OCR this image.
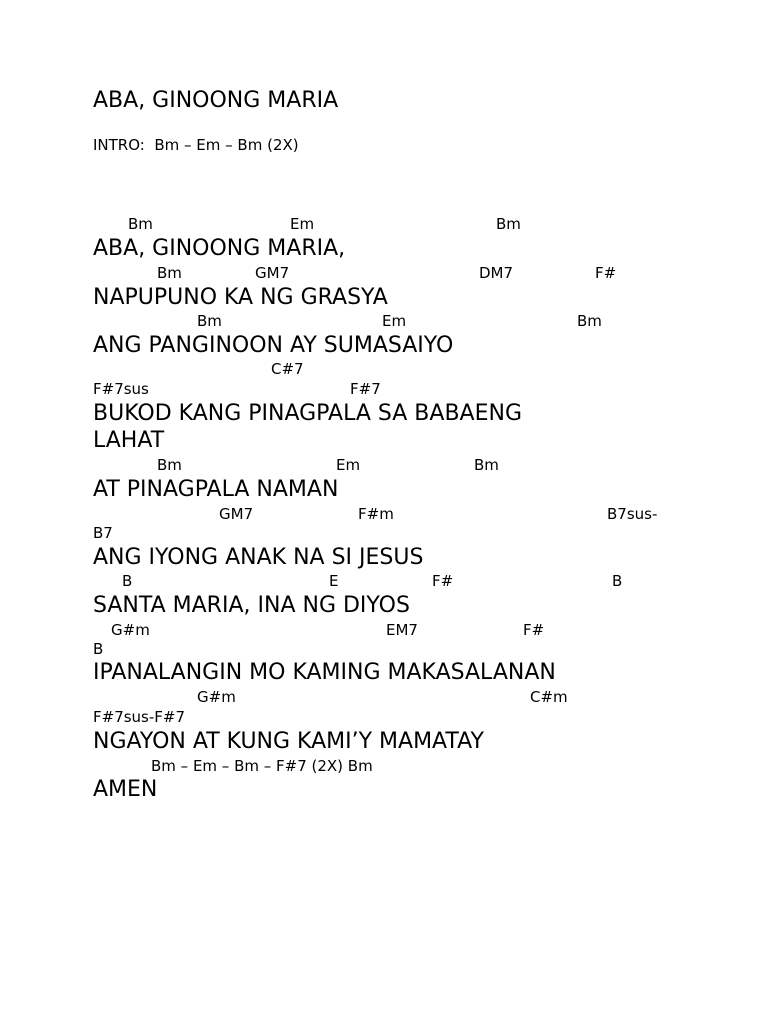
ABA, GINOONG MARIA
INTRO:  Bm – Em – Bm (2X)
Bm	Em	Bm
ABA, GINOONG MARIA,
Bm	GM7	DM7	F#
NAPUPUNO KA NG GRASYA
Bm	Em	Bm
ANG PANGINOON AY SUMASAIYO
C#7
F#7sus	F#7
BUKOD KANG PINAGPALA SA BABAENG
LAHAT
Bm	Em	Bm
AT PINAGPALA NAMAN
GM7	F#m	B7sus-
B7
ANG IYONG ANAK NA SI JESUS
B	E	F#	B
SANTA MARIA, INA NG DIYOS
G#m	EM7	F#
B
IPANALANGIN MO KAMING MAKASALANAN
G#m	C#m
F#7sus-F#7
NGAYON AT KUNG KAMI’Y MAMATAY
Bm – Em – Bm – F#7 (2X) Bm
AMEN
